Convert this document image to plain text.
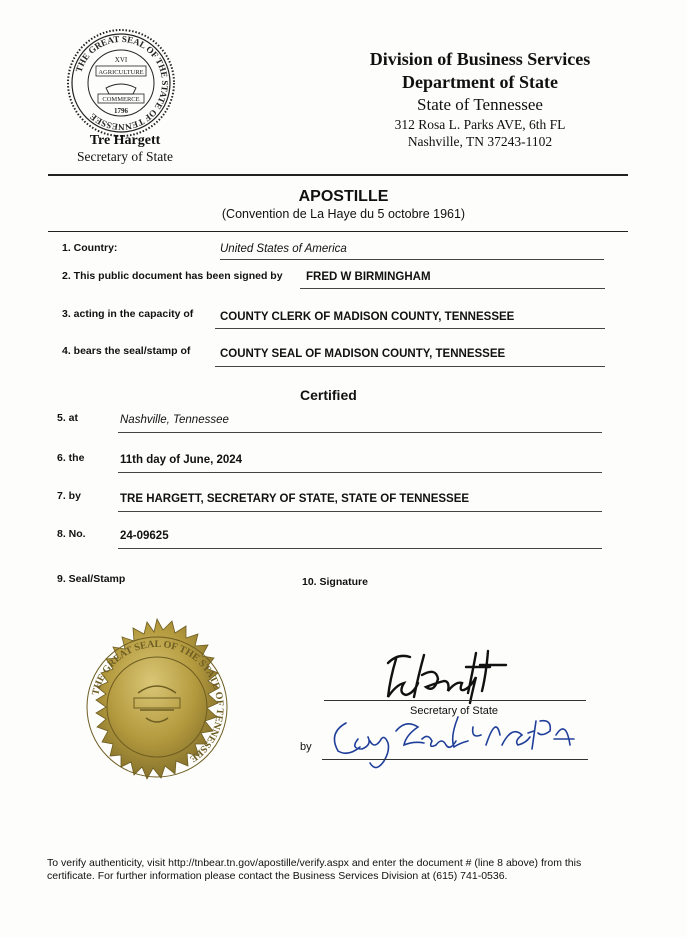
THE GREAT SEAL OF THE STATE OF TENNESSEE
XVI
AGRICULTURE
COMMERCE
1796
Tre Hargett
Secretary of State
Division of Business Services
Department of State
State of Tennessee
312 Rosa L. Parks AVE, 6th FL
Nashville, TN 37243-1102
APOSTILLE
(Convention de La Haye du 5 octobre 1961)
1. Country:	United States of America
2. This public document has been signed by FRED W BIRMINGHAM
3. acting in the capacity of COUNTY CLERK OF MADISON COUNTY, TENNESSEE
4. bears the seal/stamp of	COUNTY SEAL OF MADISON COUNTY, TENNESSEE
Certified
5. at	Nashville, Tennessee
6. the	11th day of June, 2024
7. by	TRE HARGETT, SECRETARY OF STATE, STATE OF TENNESSEE
8. No.	24-09625
9. Seal/Stamp	10. Signature
THE GREAT SEAL OF THE STATE OF TENNESSEE
Secretary of State
by
To verify authenticity, visit http://tnbear.tn.gov/apostille/verify.aspx and enter the document # (line 8 above) from this
certificate. For further information please contact the Business Services Division at (615) 741-0536.
